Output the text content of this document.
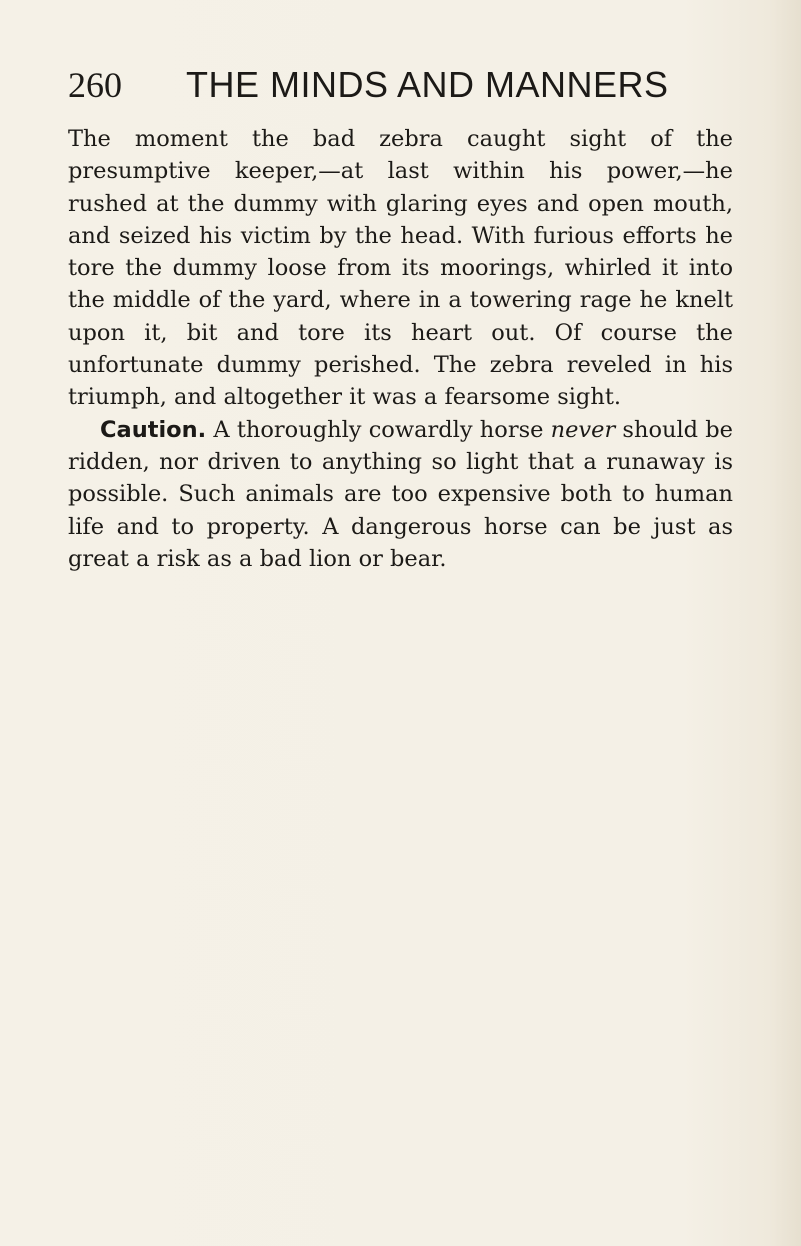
260 THE MINDS AND MANNERS

The moment the bad zebra caught sight of the presumptive keeper,—at last within his power,—he rushed at the dummy with glaring eyes and open mouth, and seized his victim by the head. With furious efforts he tore the dummy loose from its moorings, whirled it into the middle of the yard, where in a towering rage he knelt upon it, bit and tore its heart out. Of course the unfortunate dummy perished. The zebra reveled in his triumph, and altogether it was a fearsome sight.

Caution. A thoroughly cowardly horse never should be ridden, nor driven to anything so light that a runaway is possible. Such animals are too expensive both to human life and to property. A dangerous horse can be just as great a risk as a bad lion or bear.
